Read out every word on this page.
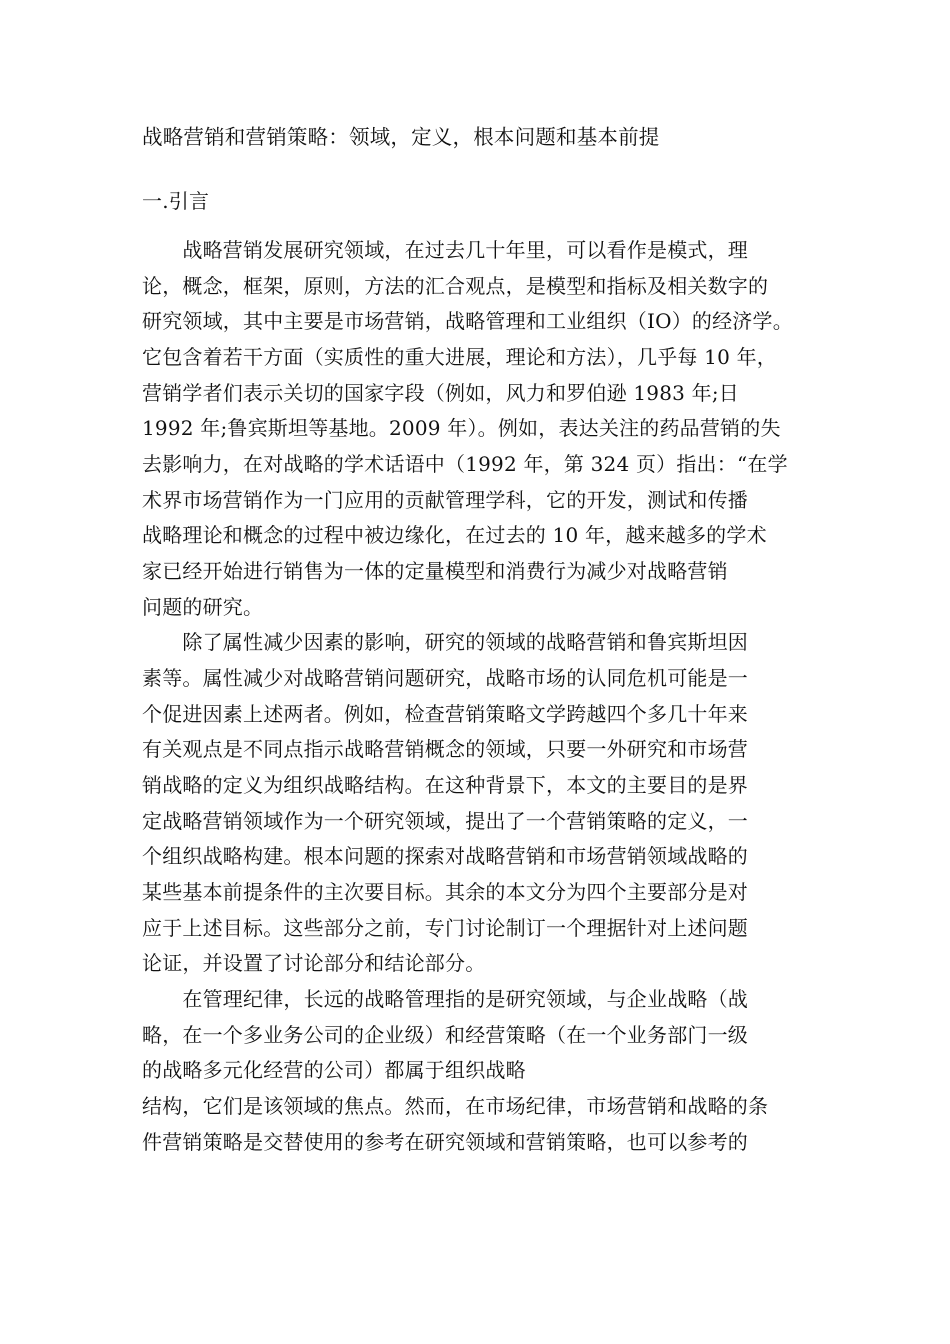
战略营销和营销策略：领域，定义，根本问题和基本前提
一.引言
　　战略营销发展研究领域，在过去几十年里，可以看作是模式，理
论，概念，框架，原则，方法的汇合观点，是模型和指标及相关数字的
研究领域，其中主要是市场营销，战略管理和工业组织（IO）的经济学。
它包含着若干方面（实质性的重大进展，理论和方法），几乎每 10 年，
营销学者们表示关切的国家字段（例如，风力和罗伯逊 1983 年;日
1992 年;鲁宾斯坦等基地。2009 年）。例如，表达关注的药品营销的失
去影响力，在对战略的学术话语中（1992 年，第 324 页）指出：“在学
术界市场营销作为一门应用的贡献管理学科，它的开发，测试和传播
战略理论和概念的过程中被边缘化，在过去的 10 年，越来越多的学术
家已经开始进行销售为一体的定量模型和消费行为减少对战略营销
问题的研究。
　　除了属性减少因素的影响，研究的领域的战略营销和鲁宾斯坦因
素等。属性减少对战略营销问题研究，战略市场的认同危机可能是一
个促进因素上述两者。例如，检查营销策略文学跨越四个多几十年来
有关观点是不同点指示战略营销概念的领域，只要一外研究和市场营
销战略的定义为组织战略结构。在这种背景下，本文的主要目的是界
定战略营销领域作为一个研究领域，提出了一个营销策略的定义，一
个组织战略构建。根本问题的探索对战略营销和市场营销领域战略的
某些基本前提条件的主次要目标。其余的本文分为四个主要部分是对
应于上述目标。这些部分之前，专门讨论制订一个理据针对上述问题
论证，并设置了讨论部分和结论部分。
　　在管理纪律，长远的战略管理指的是研究领域，与企业战略（战
略，在一个多业务公司的企业级）和经营策略（在一个业务部门一级
的战略多元化经营的公司）都属于组织战略
结构，它们是该领域的焦点。然而，在市场纪律，市场营销和战略的条
件营销策略是交替使用的参考在研究领域和营销策略，也可以参考的
